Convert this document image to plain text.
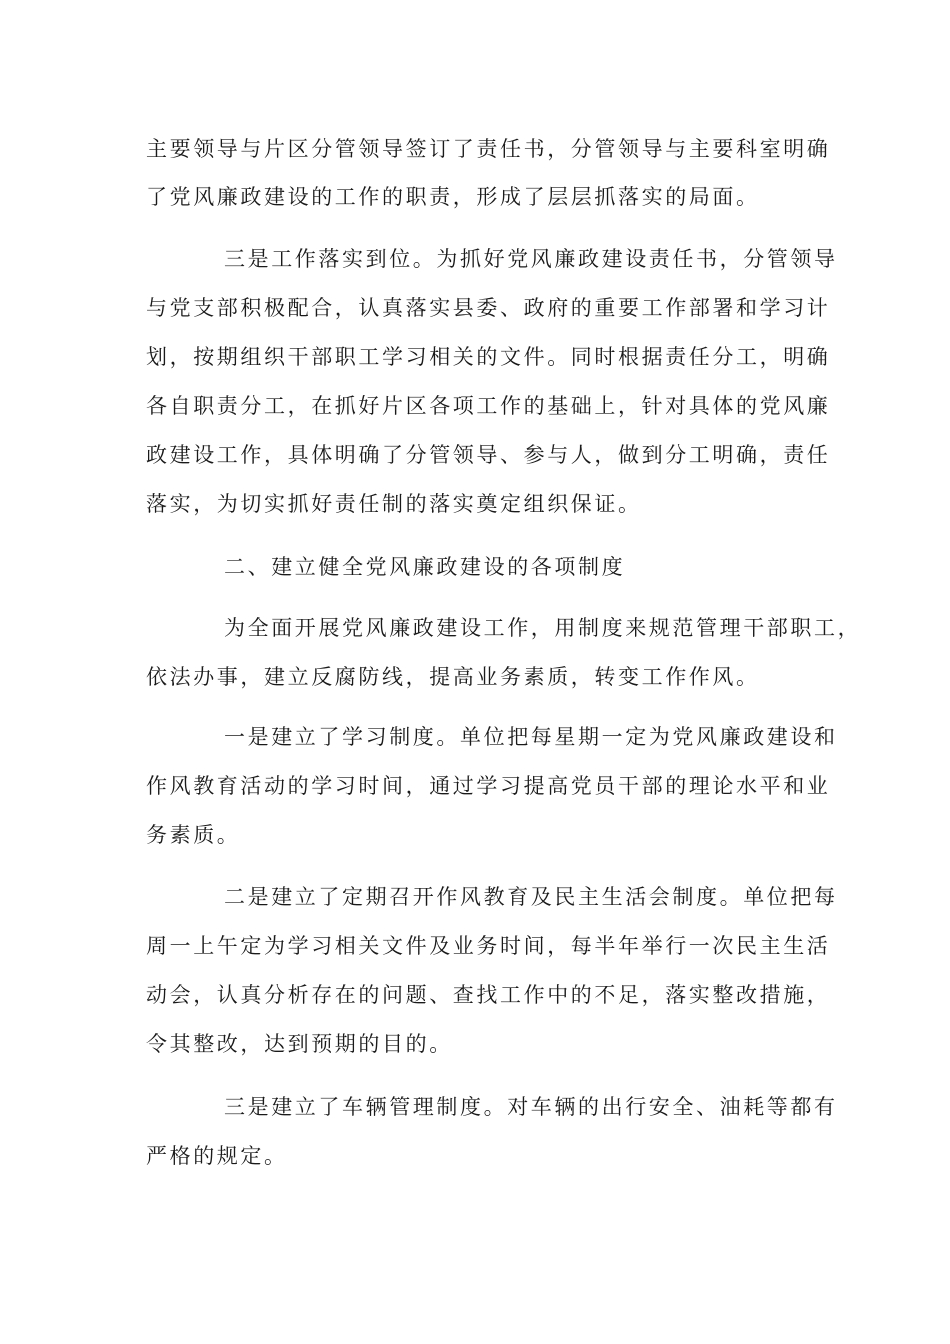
主要领导与片区分管领导签订了责任书，分管领导与主要科室明确
了党风廉政建设的工作的职责，形成了层层抓落实的局面。
三是工作落实到位。为抓好党风廉政建设责任书，分管领导
与党支部积极配合，认真落实县委、政府的重要工作部署和学习计
划，按期组织干部职工学习相关的文件。同时根据责任分工，明确
各自职责分工，在抓好片区各项工作的基础上，针对具体的党风廉
政建设工作，具体明确了分管领导、参与人，做到分工明确，责任
落实，为切实抓好责任制的落实奠定组织保证。
二、建立健全党风廉政建设的各项制度
为全面开展党风廉政建设工作，用制度来规范管理干部职工，
依法办事，建立反腐防线，提高业务素质，转变工作作风。
一是建立了学习制度。单位把每星期一定为党风廉政建设和
作风教育活动的学习时间，通过学习提高党员干部的理论水平和业
务素质。
二是建立了定期召开作风教育及民主生活会制度。单位把每
周一上午定为学习相关文件及业务时间，每半年举行一次民主生活
动会，认真分析存在的问题、查找工作中的不足，落实整改措施，
令其整改，达到预期的目的。
三是建立了车辆管理制度。对车辆的出行安全、油耗等都有
严格的规定。
